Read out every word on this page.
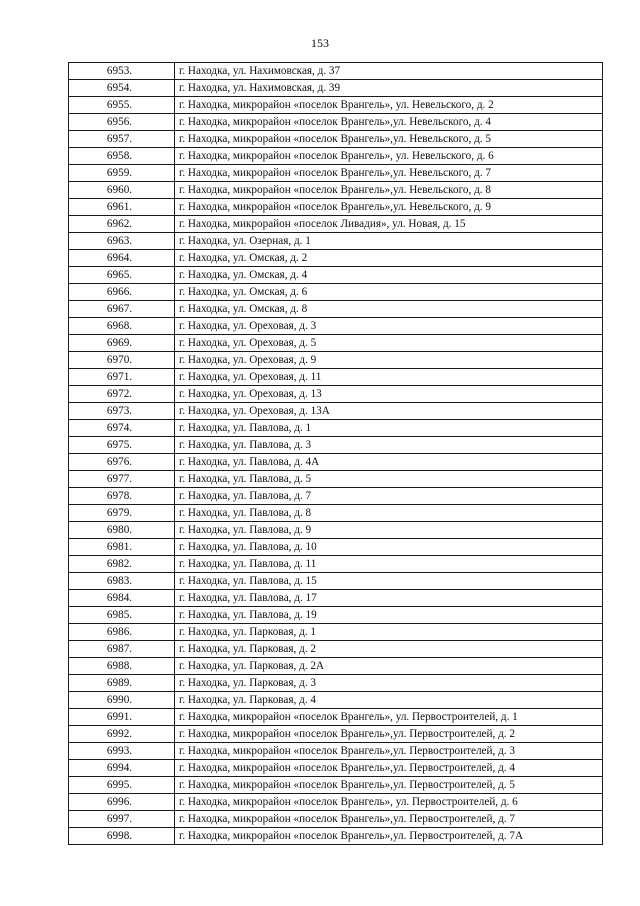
153
6953.	г. Находка, ул. Нахимовская, д. 37
6954.	г. Находка, ул. Нахимовская, д. 39
6955.	г. Находка, микрорайон «поселок Врангель», ул. Невельского, д. 2
6956.	г. Находка, микрорайон «поселок Врангель»,ул. Невельского, д. 4
6957.	г. Находка, микрорайон «поселок Врангель»,ул. Невельского, д. 5
6958.	г. Находка, микрорайон «поселок Врангель», ул. Невельского, д. 6
6959.	г. Находка, микрорайон «поселок Врангель»,ул. Невельского, д. 7
6960.	г. Находка, микрорайон «поселок Врангель»,ул. Невельского, д. 8
6961.	г. Находка, микрорайон «поселок Врангель»,ул. Невельского, д. 9
6962.	г. Находка, микрорайон «поселок Ливадия», ул. Новая, д. 15
6963.	г. Находка, ул. Озерная, д. 1
6964.	г. Находка, ул. Омская, д. 2
6965.	г. Находка, ул. Омская, д. 4
6966.	г. Находка, ул. Омская, д. 6
6967.	г. Находка, ул. Омская, д. 8
6968.	г. Находка, ул. Ореховая, д. 3
6969.	г. Находка, ул. Ореховая, д. 5
6970.	г. Находка, ул. Ореховая, д. 9
6971.	г. Находка, ул. Ореховая, д. 11
6972.	г. Находка, ул. Ореховая, д. 13
6973.	г. Находка, ул. Ореховая, д. 13А
6974.	г. Находка, ул. Павлова, д. 1
6975.	г. Находка, ул. Павлова, д. 3
6976.	г. Находка, ул. Павлова, д. 4А
6977.	г. Находка, ул. Павлова, д. 5
6978.	г. Находка, ул. Павлова, д. 7
6979.	г. Находка, ул. Павлова, д. 8
6980.	г. Находка, ул. Павлова, д. 9
6981.	г. Находка, ул. Павлова, д. 10
6982.	г. Находка, ул. Павлова, д. 11
6983.	г. Находка, ул. Павлова, д. 15
6984.	г. Находка, ул. Павлова, д. 17
6985.	г. Находка, ул. Павлова, д. 19
6986.	г. Находка, ул. Парковая, д. 1
6987.	г. Находка, ул. Парковая, д. 2
6988.	г. Находка, ул. Парковая, д. 2А
6989.	г. Находка, ул. Парковая, д. 3
6990.	г. Находка, ул. Парковая, д. 4
6991.	г. Находка, микрорайон «поселок Врангель», ул. Первостроителей, д. 1
6992.	г. Находка, микрорайон «поселок Врангель»,ул. Первостроителей, д. 2
6993.	г. Находка, микрорайон «поселок Врангель»,ул. Первостроителей, д. 3
6994.	г. Находка, микрорайон «поселок Врангель»,ул. Первостроителей, д. 4
6995.	г. Находка, микрорайон «поселок Врангель»,ул. Первостроителей, д. 5
6996.	г. Находка, микрорайон «поселок Врангель», ул. Первостроителей, д. 6
6997.	г. Находка, микрорайон «поселок Врангель»,ул. Первостроителей, д. 7
6998.	г. Находка, микрорайон «поселок Врангель»,ул. Первостроителей, д. 7А
